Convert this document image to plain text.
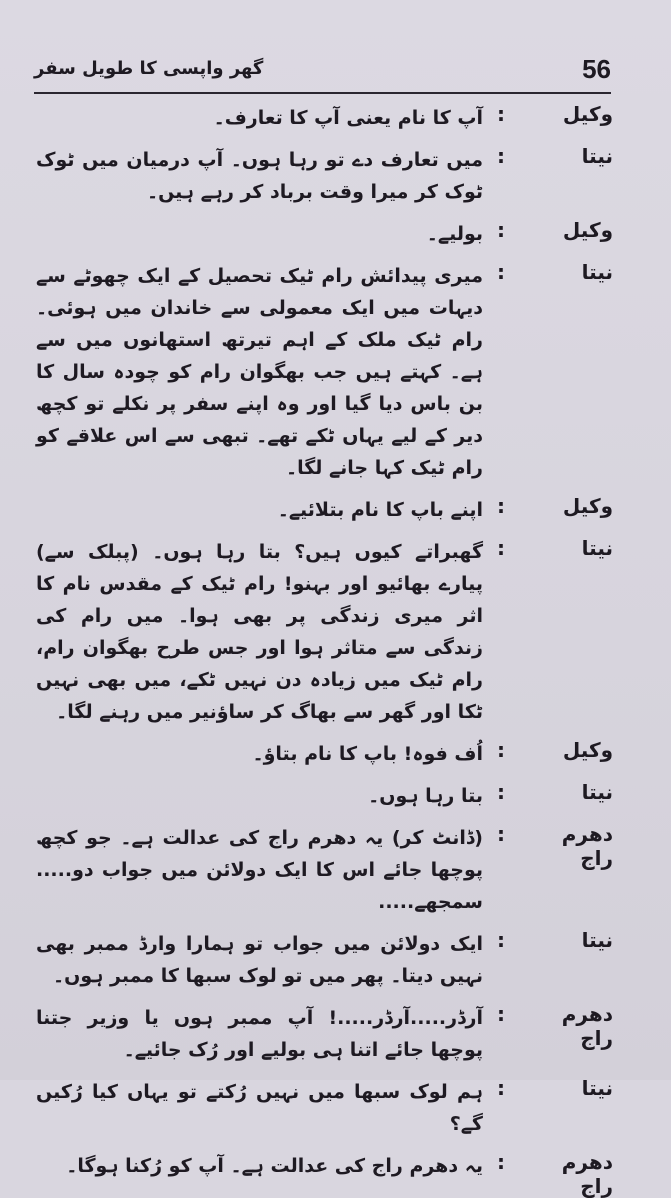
56
گھر واپسی کا طویل سفر
وکیل
:
آپ کا نام یعنی آپ کا تعارف۔
نیتا
:
میں تعارف دے تو رہا ہوں۔ آپ درمیان میں ٹوک ٹوک کر میرا وقت برباد کر رہے ہیں۔
وکیل
:
بولیے۔
نیتا
:
میری پیدائش رام ٹیک تحصیل کے ایک چھوٹے سے دیہات میں ایک معمولی سے خاندان میں ہوئی۔ رام ٹیک ملک کے اہم تیرتھ استھانوں میں سے ہے۔ کہتے ہیں جب بھگوان رام کو چودہ سال کا بن باس دیا گیا اور وہ اپنے سفر پر نکلے تو کچھ دیر کے لیے یہاں ٹکے تھے۔ تبھی سے اس علاقے کو رام ٹیک کہا جانے لگا۔
وکیل
:
اپنے باپ کا نام بتلائیے۔
نیتا
:
گھبراتے کیوں ہیں؟ بتا رہا ہوں۔ (پبلک سے) پیارے بھائیو اور بہنو! رام ٹیک کے مقدس نام کا اثر میری زندگی پر بھی ہوا۔ میں رام کی زندگی سے متاثر ہوا اور جس طرح بھگوان رام، رام ٹیک میں زیادہ دن نہیں ٹکے، میں بھی نہیں ٹکا اور گھر سے بھاگ کر ساؤنیر میں رہنے لگا۔
وکیل
:
اُف فوہ! باپ کا نام بتاؤ۔
نیتا
:
بتا رہا ہوں۔
دھرم راج
:
(ڈانٹ کر) یہ دھرم راج کی عدالت ہے۔ جو کچھ پوچھا جائے اس کا ایک دولائن میں جواب دو..... سمجھے.....
نیتا
:
ایک دولائن میں جواب تو ہمارا وارڈ ممبر بھی نہیں دیتا۔ پھر میں تو لوک سبھا کا ممبر ہوں۔
دھرم راج
:
آرڈر.....آرڈر.....! آپ ممبر ہوں یا وزیر جتنا پوچھا جائے اتنا ہی بولیے اور رُک جائیے۔
نیتا
:
ہم لوک سبھا میں نہیں رُکتے تو یہاں کیا رُکیں گے؟
دھرم راج
:
یہ دھرم راج کی عدالت ہے۔ آپ کو رُکنا ہوگا۔
